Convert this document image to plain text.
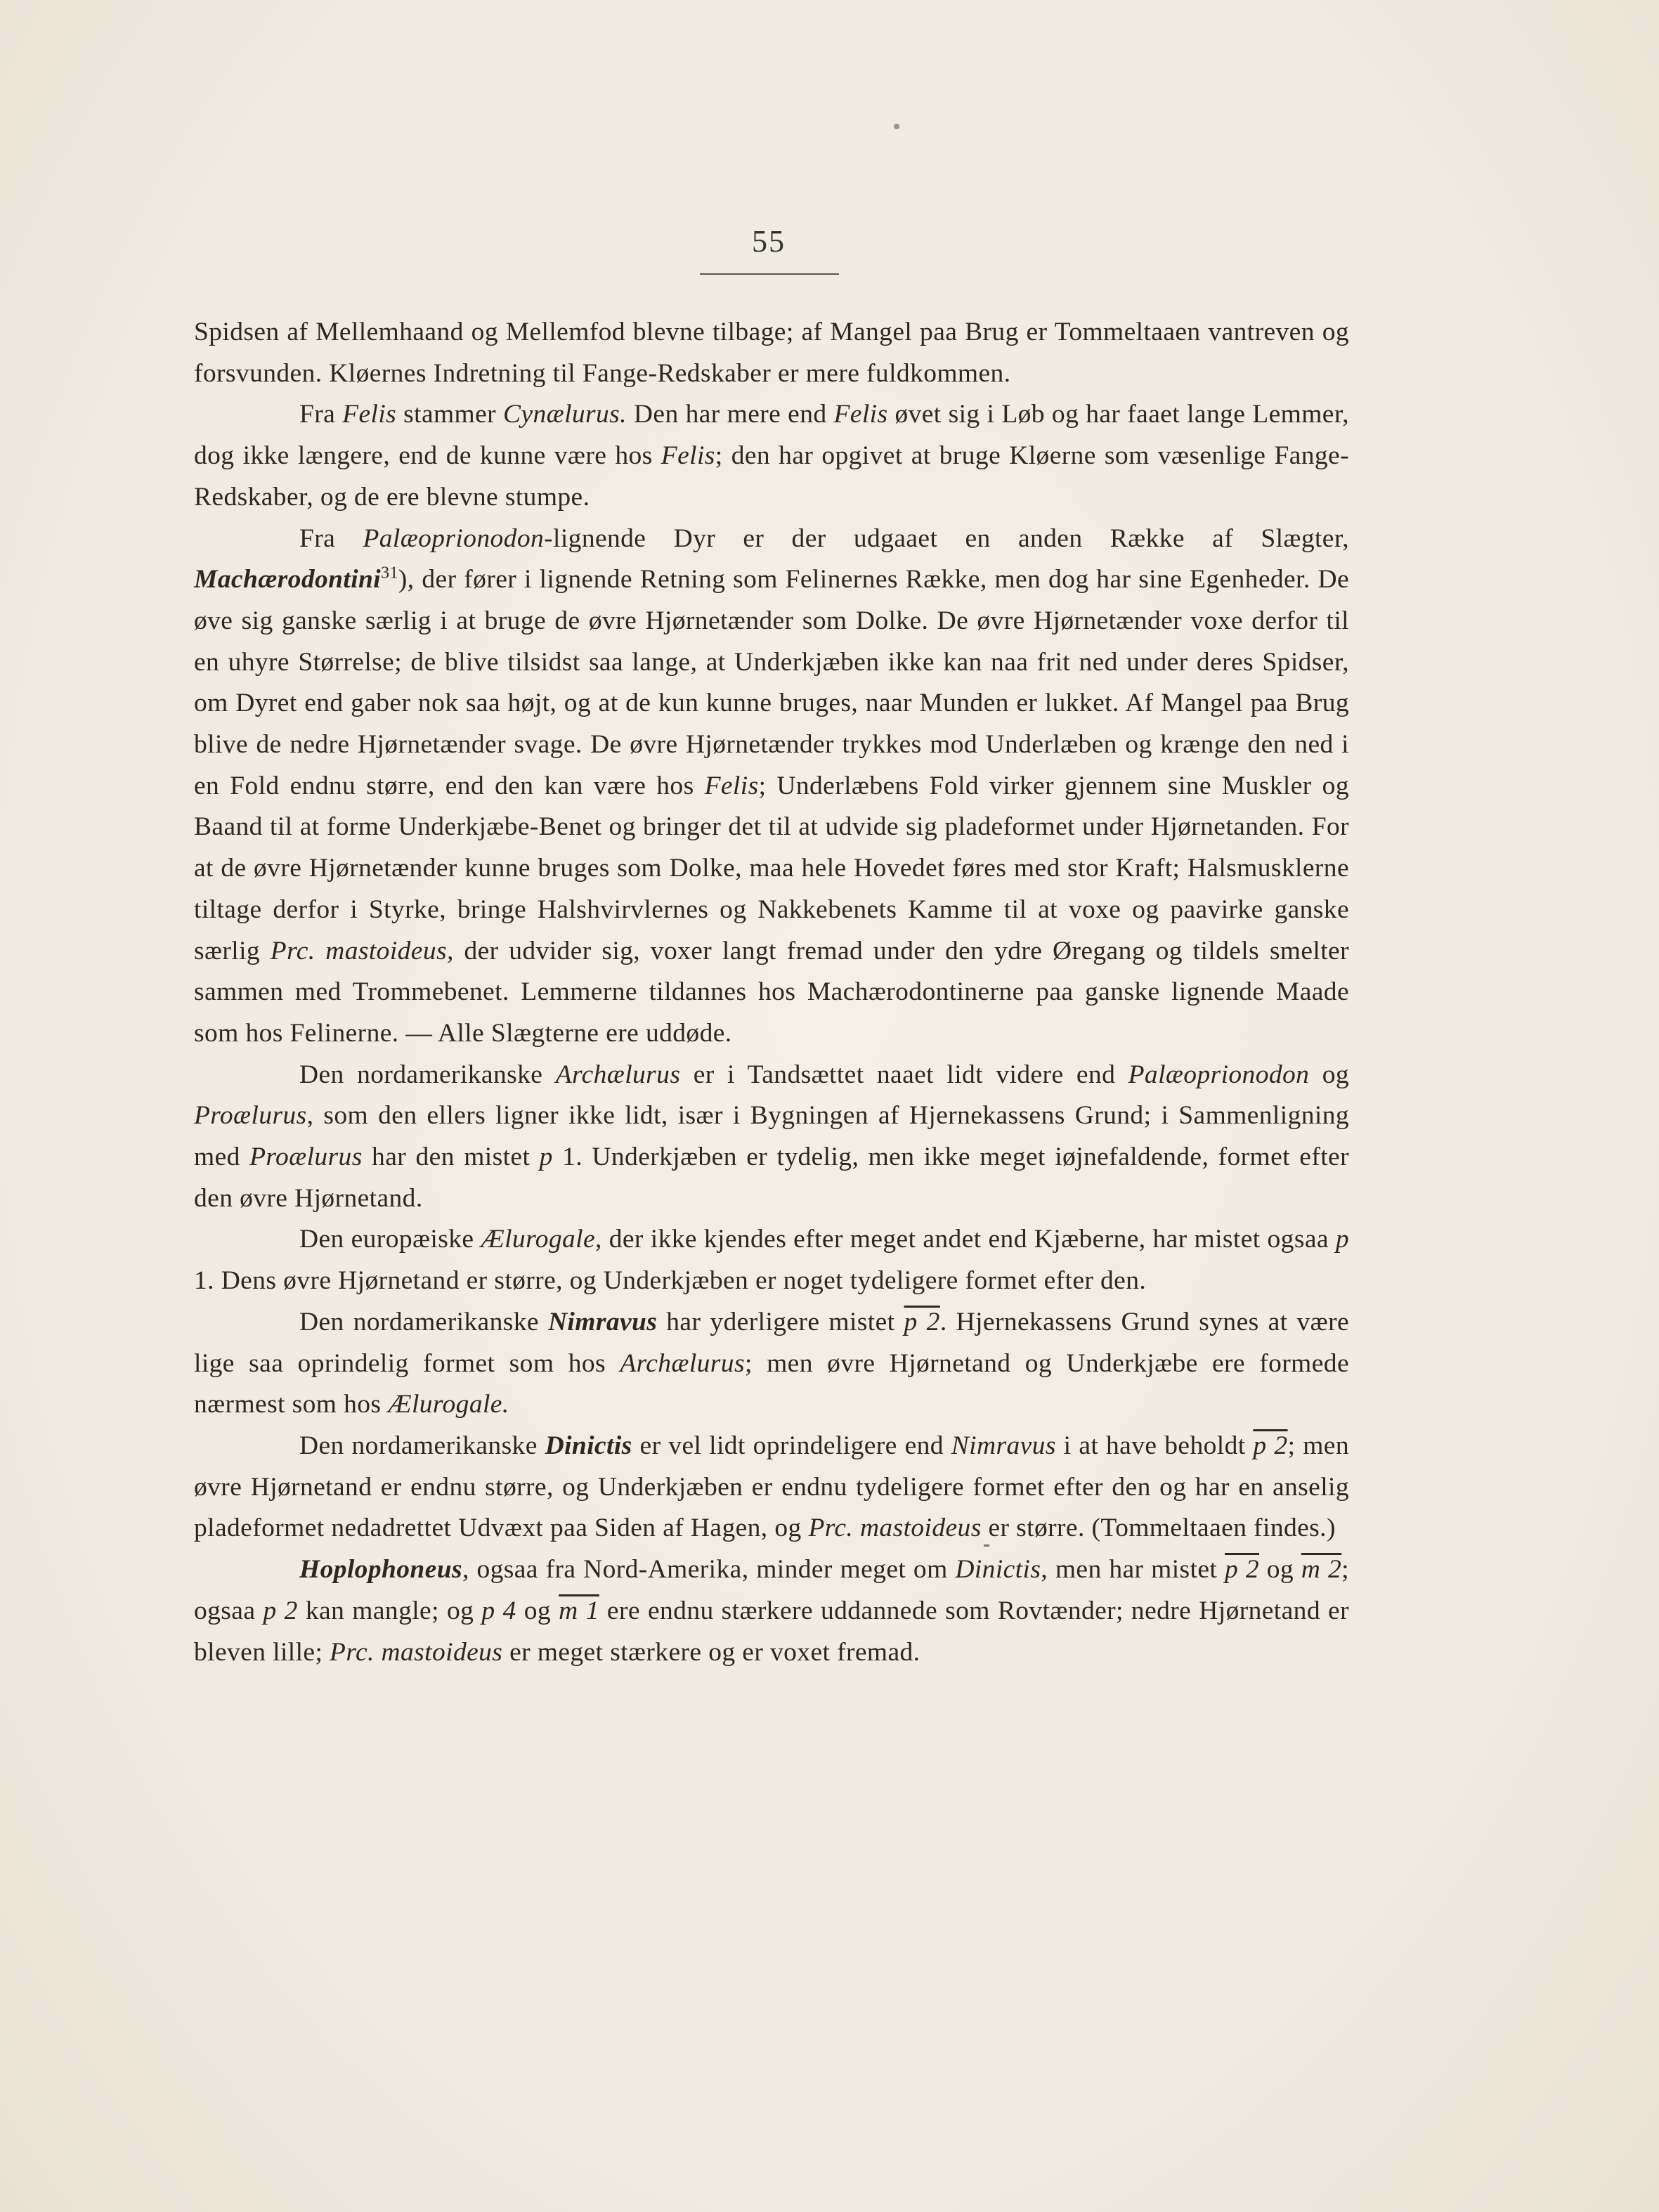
55

Spidsen af Mellemhaand og Mellemfod blevne tilbage; af Mangel paa Brug er Tommeltaaen vantreven og forsvunden. Kløernes Indretning til Fange-Redskaber er mere fuldkommen.

Fra Felis stammer Cynælurus. Den har mere end Felis øvet sig i Løb og har faaet lange Lemmer, dog ikke længere, end de kunne være hos Felis; den har opgivet at bruge Kløerne som væsenlige Fange-Redskaber, og de ere blevne stumpe.

Fra Palæoprionodon-lignende Dyr er der udgaaet en anden Række af Slægter, Machærodontini$^{31}$), der fører i lignende Retning som Felinernes Række, men dog har sine Egenheder. De øve sig ganske særlig i at bruge de øvre Hjørnetænder som Dolke. De øvre Hjørnetænder voxe derfor til en uhyre Størrelse; de blive tilsidst saa lange, at Underkjæben ikke kan naa frit ned under deres Spidser, om Dyret end gaber nok saa højt, og at de kun kunne bruges, naar Munden er lukket. Af Mangel paa Brug blive de nedre Hjørnetænder svage. De øvre Hjørnetænder trykkes mod Underlæben og krænge den ned i en Fold endnu større, end den kan være hos Felis; Underlæbens Fold virker gjennem sine Muskler og Baand til at forme Underkjæbe-Benet og bringer det til at udvide sig pladeformet under Hjørnetanden. For at de øvre Hjørnetænder kunne bruges som Dolke, maa hele Hovedet føres med stor Kraft; Halsmusklerne tiltage derfor i Styrke, bringe Halshvirvlernes og Nakkebenets Kamme til at voxe og paavirke ganske særlig Prc. mastoideus, der udvider sig, voxer langt fremad under den ydre Øregang og tildels smelter sammen med Trommebenet. Lemmerne tildannes hos Machærodontinerne paa ganske lignende Maade som hos Felinerne. — Alle Slægterne ere uddøde.

Den nordamerikanske Archælurus er i Tandsættet naaet lidt videre end Palæoprionodon og Proælurus, som den ellers ligner ikke lidt, især i Bygningen af Hjernekassens Grund; i Sammenligning med Proælurus har den mistet p 1. Underkjæben er tydelig, men ikke meget iøjnefaldende, formet efter den øvre Hjørnetand.

Den europæiske Ælurogale, der ikke kjendes efter meget andet end Kjæberne, har mistet ogsaa p 1. Dens øvre Hjørnetand er større, og Underkjæben er noget tydeligere formet efter den.

Den nordamerikanske Nimravus har yderligere mistet p 2. Hjernekassens Grund synes at være lige saa oprindelig formet som hos Archælurus; men øvre Hjørnetand og Underkjæbe ere formede nærmest som hos Ælurogale.

Den nordamerikanske Dinictis er vel lidt oprindeligere end Nimravus i at have beholdt p 2; men øvre Hjørnetand er endnu større, og Underkjæben er endnu tydeligere formet efter den og har en anselig pladeformet nedadrettet Udvæxt paa Siden af Hagen, og Prc. mastoideus er større. (Tommeltaaen findes.)

Hoplophoneus, ogsaa fra Nord-Amerika, minder meget om Dinictis, men har mistet p 2 og m 2; ogsaa p 2 kan mangle; og p 4 og m 1 ere endnu stærkere uddannede som Rovtænder; nedre Hjørnetand er bleven lille; Prc. mastoideus er meget stærkere og er voxet fremad.
